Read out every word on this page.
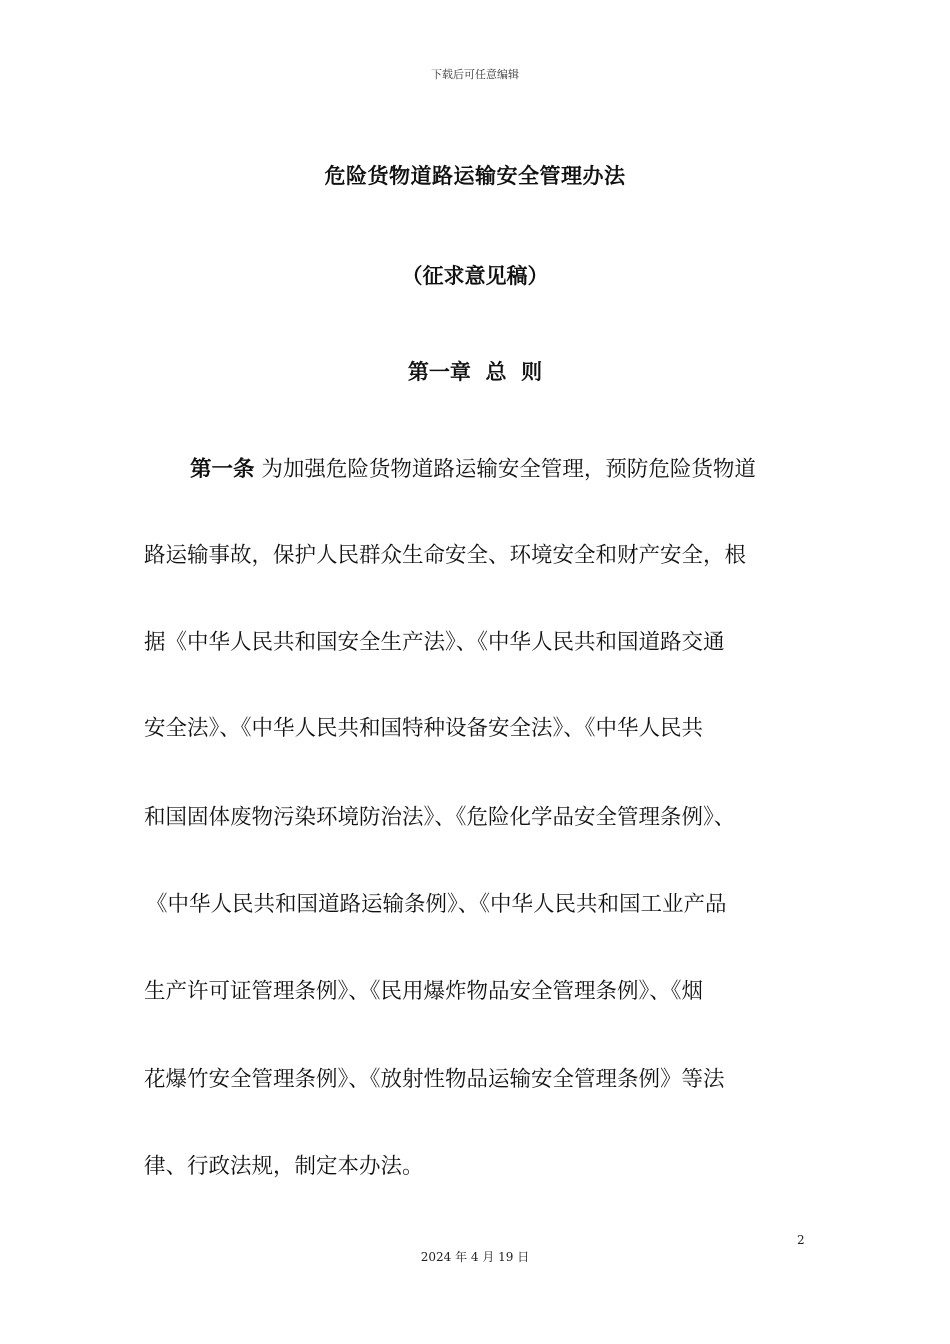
下载后可任意编辑
危险货物道路运输安全管理办法
（征求意见稿）
第一章  总  则
第一条 为加强危险货物道路运输安全管理，预防危险货物道
路运输事故，保护人民群众生命安全、环境安全和财产安全，根
据《中华人民共和国安全生产法》、《中华人民共和国道路交通
安全法》、《中华人民共和国特种设备安全法》、《中华人民共
和国固体废物污染环境防治法》、《危险化学品安全管理条例》、
《中华人民共和国道路运输条例》、《中华人民共和国工业产品
生产许可证管理条例》、《民用爆炸物品安全管理条例》、《烟
花爆竹安全管理条例》、《放射性物品运输安全管理条例》等法
律、行政法规，制定本办法。
2
2024 年 4 月 19 日
